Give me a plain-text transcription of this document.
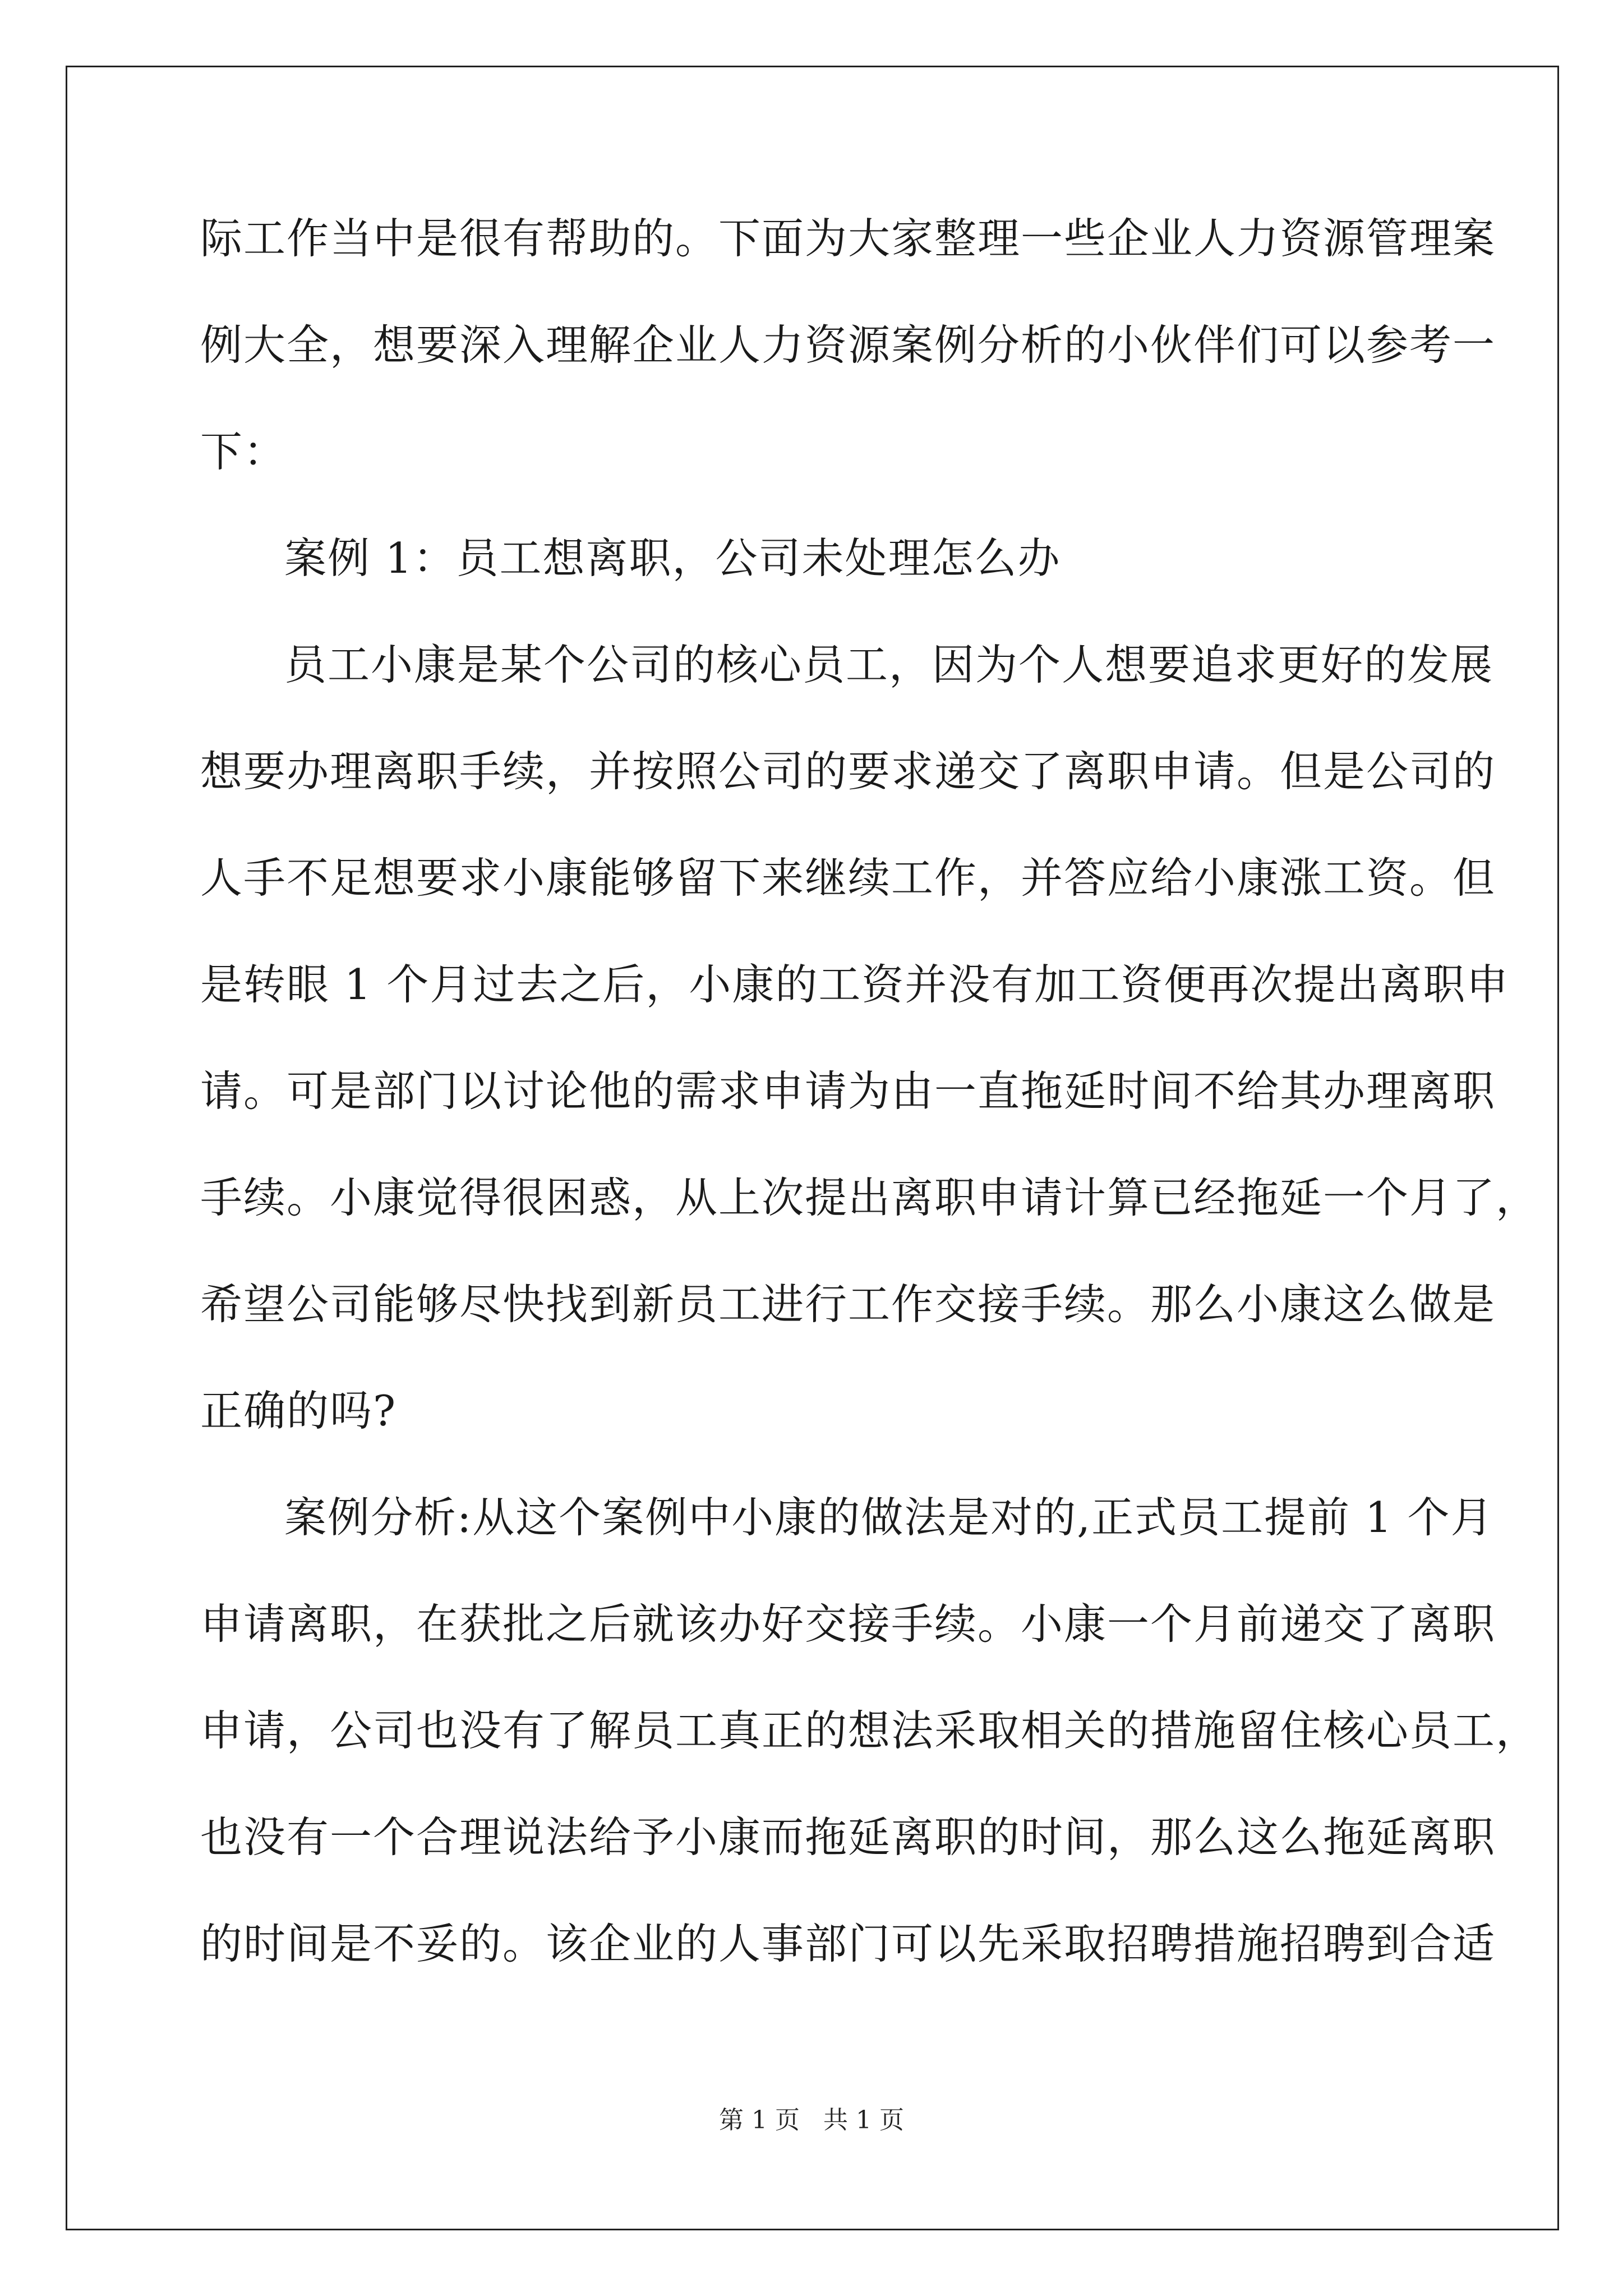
际工作当中是很有帮助的。下面为大家整理一些企业人力资源管理案
例大全，想要深入理解企业人力资源案例分析的小伙伴们可以参考一
下：
案例 1：员工想离职，公司未处理怎么办
员工小康是某个公司的核心员工，因为个人想要追求更好的发展
想要办理离职手续，并按照公司的要求递交了离职申请。但是公司的
人手不足想要求小康能够留下来继续工作，并答应给小康涨工资。但
是转眼 1 个月过去之后，小康的工资并没有加工资便再次提出离职申
请。可是部门以讨论他的需求申请为由一直拖延时间不给其办理离职
手续。小康觉得很困惑，从上次提出离职申请计算已经拖延一个月了，
希望公司能够尽快找到新员工进行工作交接手续。那么小康这么做是
正确的吗?
案例分析:从这个案例中小康的做法是对的,正式员工提前 1 个月
申请离职，在获批之后就该办好交接手续。小康一个月前递交了离职
申请，公司也没有了解员工真正的想法采取相关的措施留住核心员工，
也没有一个合理说法给予小康而拖延离职的时间，那么这么拖延离职
的时间是不妥的。该企业的人事部门可以先采取招聘措施招聘到合适
第 1 页 共 1 页
